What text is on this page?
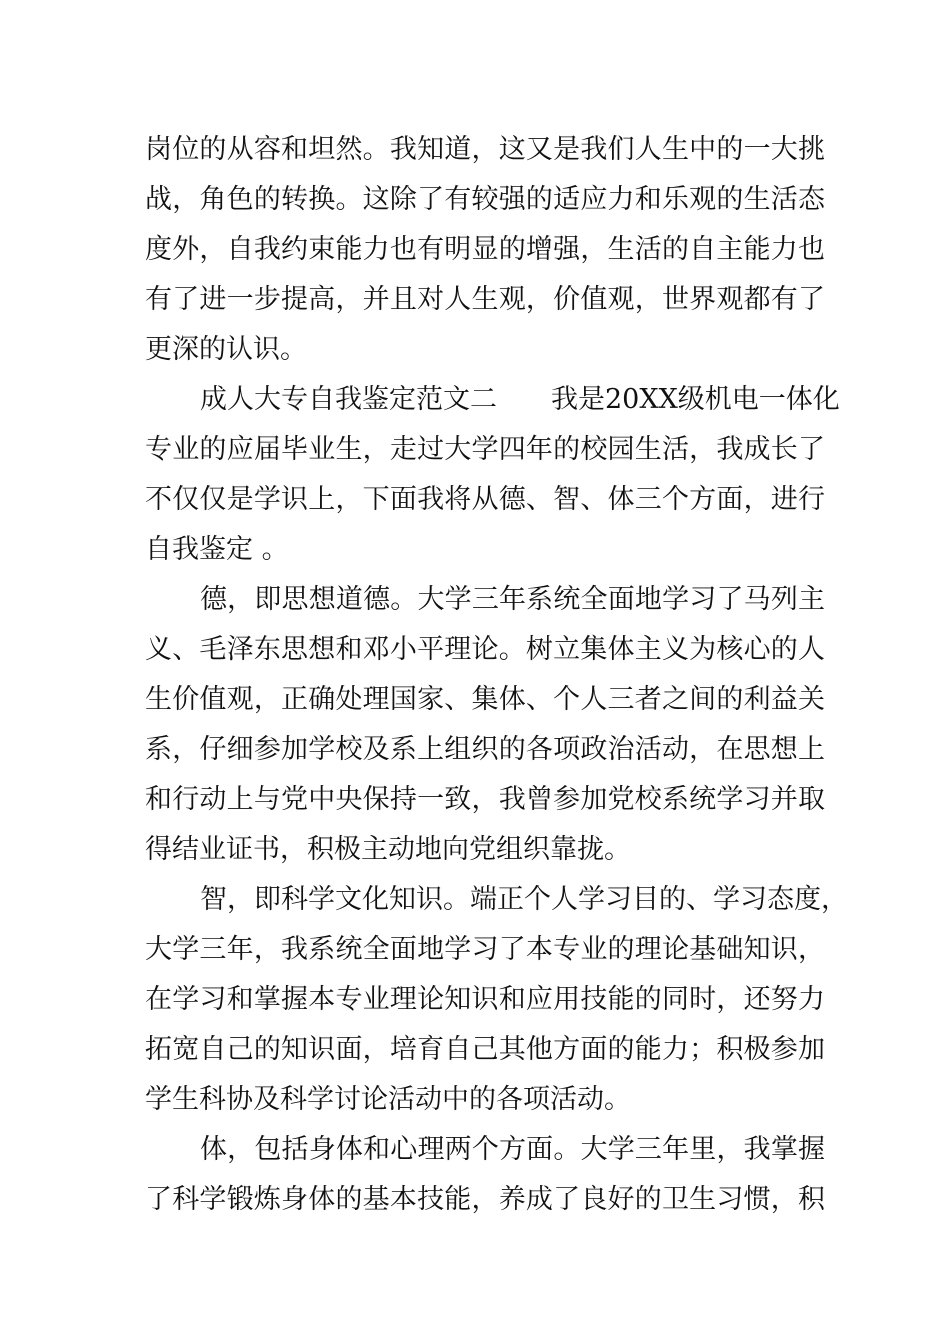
岗位的从容和坦然。我知道，这又是我们人生中的一大挑
战，角色的转换。这除了有较强的适应力和乐观的生活态
度外，自我约束能力也有明显的增强，生活的自主能力也
有了进一步提高，并且对人生观，价值观，世界观都有了
更深的认识。
成人大专自我鉴定范文二　　我是20XX级机电一体化
专业的应届毕业生，走过大学四年的校园生活，我成长了
不仅仅是学识上，下面我将从德、智、体三个方面，进行
自我鉴定 。
德，即思想道德。大学三年系统全面地学习了马列主
义、毛泽东思想和邓小平理论。树立集体主义为核心的人
生价值观，正确处理国家、集体、个人三者之间的利益关
系，仔细参加学校及系上组织的各项政治活动，在思想上
和行动上与党中央保持一致，我曾参加党校系统学习并取
得结业证书，积极主动地向党组织靠拢。
智，即科学文化知识。端正个人学习目的、学习态度，
大学三年，我系统全面地学习了本专业的理论基础知识，
在学习和掌握本专业理论知识和应用技能的同时，还努力
拓宽自己的知识面，培育自己其他方面的能力；积极参加
学生科协及科学讨论活动中的各项活动。
体，包括身体和心理两个方面。大学三年里，我掌握
了科学锻炼身体的基本技能，养成了良好的卫生习惯，积
